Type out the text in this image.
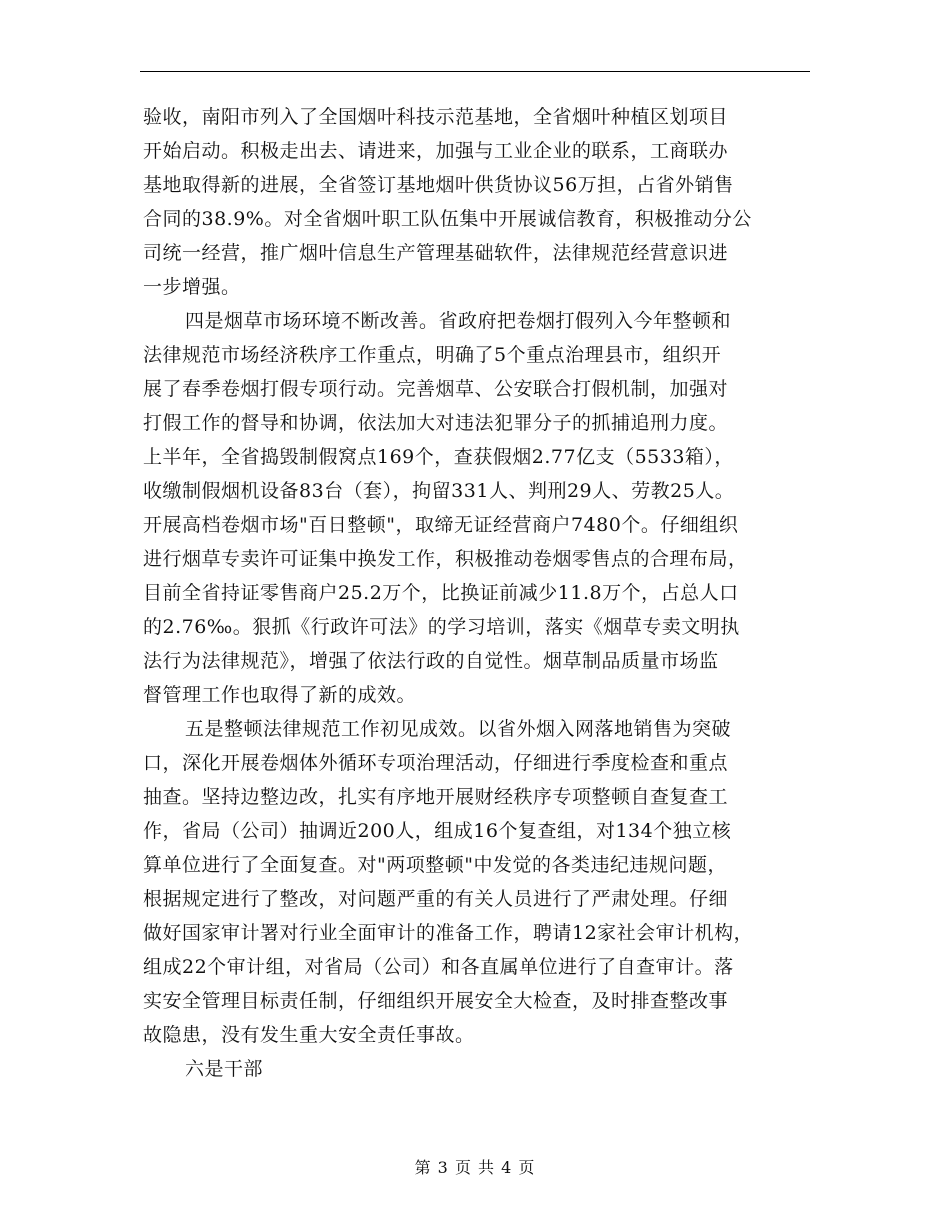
验收，南阳市列入了全国烟叶科技示范基地，全省烟叶种植区划项目
开始启动。积极走出去、请进来，加强与工业企业的联系，工商联办
基地取得新的进展，全省签订基地烟叶供货协议56万担，占省外销售
合同的38.9%。对全省烟叶职工队伍集中开展诚信教育，积极推动分公
司统一经营，推广烟叶信息生产管理基础软件，法律规范经营意识进
一步增强。
四是烟草市场环境不断改善。省政府把卷烟打假列入今年整顿和
法律规范市场经济秩序工作重点，明确了5个重点治理县市，组织开
展了春季卷烟打假专项行动。完善烟草、公安联合打假机制，加强对
打假工作的督导和协调，依法加大对违法犯罪分子的抓捕追刑力度。
上半年，全省捣毁制假窝点169个，查获假烟2.77亿支（5533箱），
收缴制假烟机设备83台（套），拘留331人、判刑29人、劳教25人。
开展高档卷烟市场"百日整顿"，取缔无证经营商户7480个。仔细组织
进行烟草专卖许可证集中换发工作，积极推动卷烟零售点的合理布局，
目前全省持证零售商户25.2万个，比换证前减少11.8万个，占总人口
的2.76‰。狠抓《行政许可法》的学习培训，落实《烟草专卖文明执
法行为法律规范》，增强了依法行政的自觉性。烟草制品质量市场监
督管理工作也取得了新的成效。
五是整顿法律规范工作初见成效。以省外烟入网落地销售为突破
口，深化开展卷烟体外循环专项治理活动，仔细进行季度检查和重点
抽查。坚持边整边改，扎实有序地开展财经秩序专项整顿自查复查工
作，省局（公司）抽调近200人，组成16个复查组，对134个独立核
算单位进行了全面复查。对"两项整顿"中发觉的各类违纪违规问题，
根据规定进行了整改，对问题严重的有关人员进行了严肃处理。仔细
做好国家审计署对行业全面审计的准备工作，聘请12家社会审计机构，
组成22个审计组，对省局（公司）和各直属单位进行了自查审计。落
实安全管理目标责任制，仔细组织开展安全大检查，及时排查整改事
故隐患，没有发生重大安全责任事故。
六是干部
第 3 页 共 4 页
